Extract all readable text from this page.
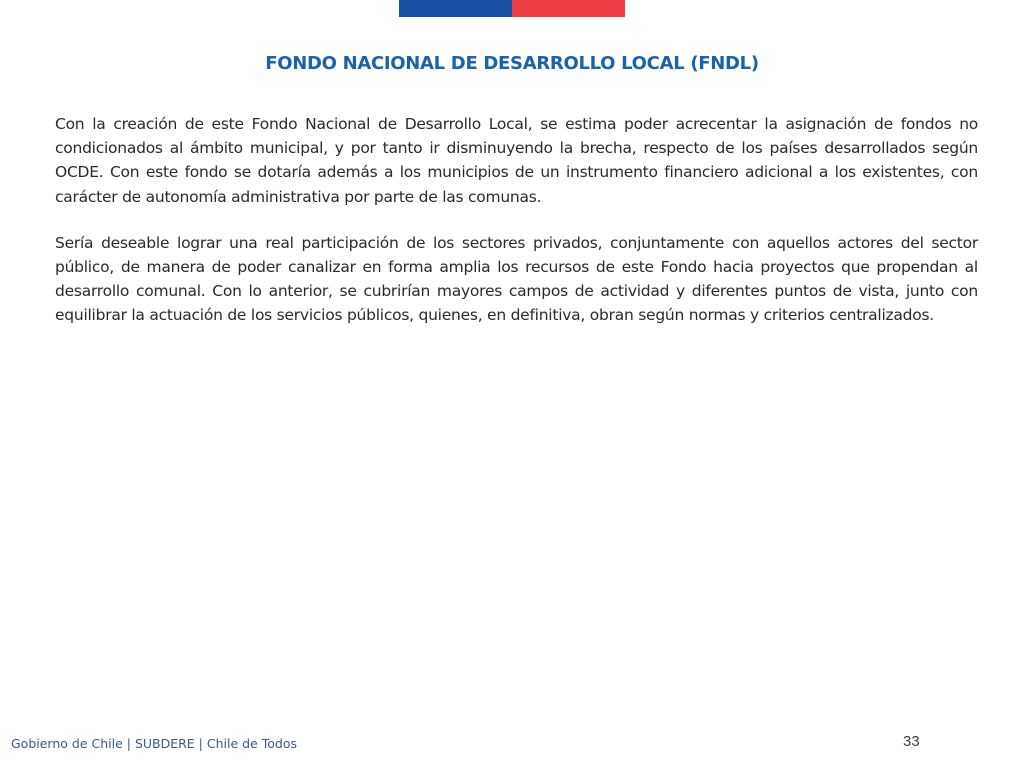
FONDO NACIONAL DE DESARROLLO LOCAL (FNDL)

Con la creación de este Fondo Nacional de Desarrollo Local, se estima poder acrecentar la asignación de fondos no condicionados al ámbito municipal, y por tanto ir disminuyendo la brecha, respecto de los países desarrollados según OCDE. Con este fondo se dotaría además a los municipios de un instrumento financiero adicional a los existentes, con carácter de autonomía administrativa por parte de las comunas.

Sería deseable lograr una real participación de los sectores privados, conjuntamente con aquellos actores del sector público, de manera de poder canalizar en forma amplia los recursos de este Fondo hacia proyectos que propendan al desarrollo comunal. Con lo anterior, se cubrirían mayores campos de actividad y diferentes puntos de vista, junto con equilibrar la actuación de los servicios públicos, quienes, en definitiva, obran según normas y criterios centralizados.

Gobierno de Chile | SUBDERE | Chile de Todos	33
